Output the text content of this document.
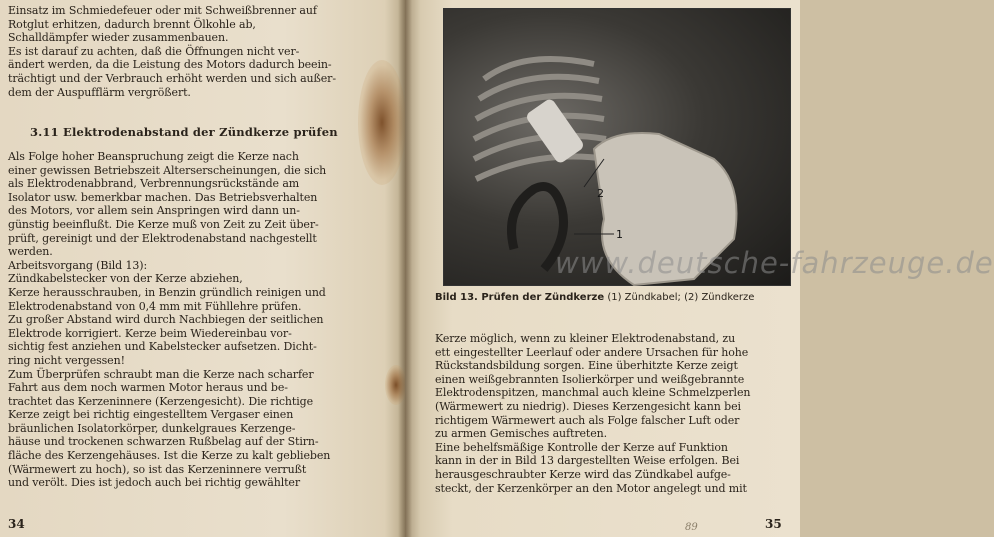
Einsatz im Schmiedefeuer oder mit Schweißbrenner auf

Rotglut erhitzen, dadurch brennt Ölkohle ab,

Schalldämpfer wieder zusammenbauen.

Es ist darauf zu achten, daß die Öffnungen nicht ver-

ändert werden, da die Leistung des Motors dadurch beein-

trächtigt und der Verbrauch erhöht werden und sich außer-

dem der Auspufflärm vergrößert.

3.11 Elektrodenabstand der Zündkerze prüfen

Als Folge hoher Beanspruchung zeigt die Kerze nach

einer gewissen Betriebszeit Alterserscheinungen, die sich

als Elektrodenabbrand, Verbrennungsrückstände am

Isolator usw. bemerkbar machen. Das Betriebsverhalten

des Motors, vor allem sein Anspringen wird dann un-

günstig beeinflußt. Die Kerze muß von Zeit zu Zeit über-

prüft, gereinigt und der Elektrodenabstand nachgestellt

werden.

Arbeitsvorgang (Bild 13):

Zündkabelstecker von der Kerze abziehen,

Kerze herausschrauben, in Benzin gründlich reinigen und

Elektrodenabstand von 0,4 mm mit Fühllehre prüfen.

Zu großer Abstand wird durch Nachbiegen der seitlichen

Elektrode korrigiert. Kerze beim Wiedereinbau vor-

sichtig fest anziehen und Kabelstecker aufsetzen. Dicht-

ring nicht vergessen!

Zum Überprüfen schraubt man die Kerze nach scharfer

Fahrt aus dem noch warmen Motor heraus und be-

trachtet das Kerzeninnere (Kerzengesicht). Die richtige

Kerze zeigt bei richtig eingestelltem Vergaser einen

bräunlichen Isolatorkörper, dunkelgraues Kerzenge-

häuse und trockenen schwarzen Rußbelag auf der Stirn-

fläche des Kerzengehäuses. Ist die Kerze zu kalt geblieben

(Wärmewert zu hoch), so ist das Kerzeninnere verrußt

und verölt. Dies ist jedoch auch bei richtig gewählter

34
1
2
www.deutsche-fahrzeuge.de
Bild 13. Prüfen der Zündkerze (1) Zündkabel; (2) Zündkerze

Kerze möglich, wenn zu kleiner Elektrodenabstand, zu

ett eingestellter Leerlauf oder andere Ursachen für hohe

Rückstandsbildung sorgen. Eine überhitzte Kerze zeigt

einen weißgebrannten Isolierkörper und weißgebrannte

Elektrodenspitzen, manchmal auch kleine Schmelzperlen

(Wärmewert zu niedrig). Dieses Kerzengesicht kann bei

richtigem Wärmewert auch als Folge falscher Luft oder

zu armen Gemisches auftreten.

Eine behelfsmäßige Kontrolle der Kerze auf Funktion

kann in der in Bild 13 dargestellten Weise erfolgen. Bei

herausgeschraubter Kerze wird das Zündkabel aufge-

steckt, der Kerzenkörper an den Motor angelegt und mit

89	35
